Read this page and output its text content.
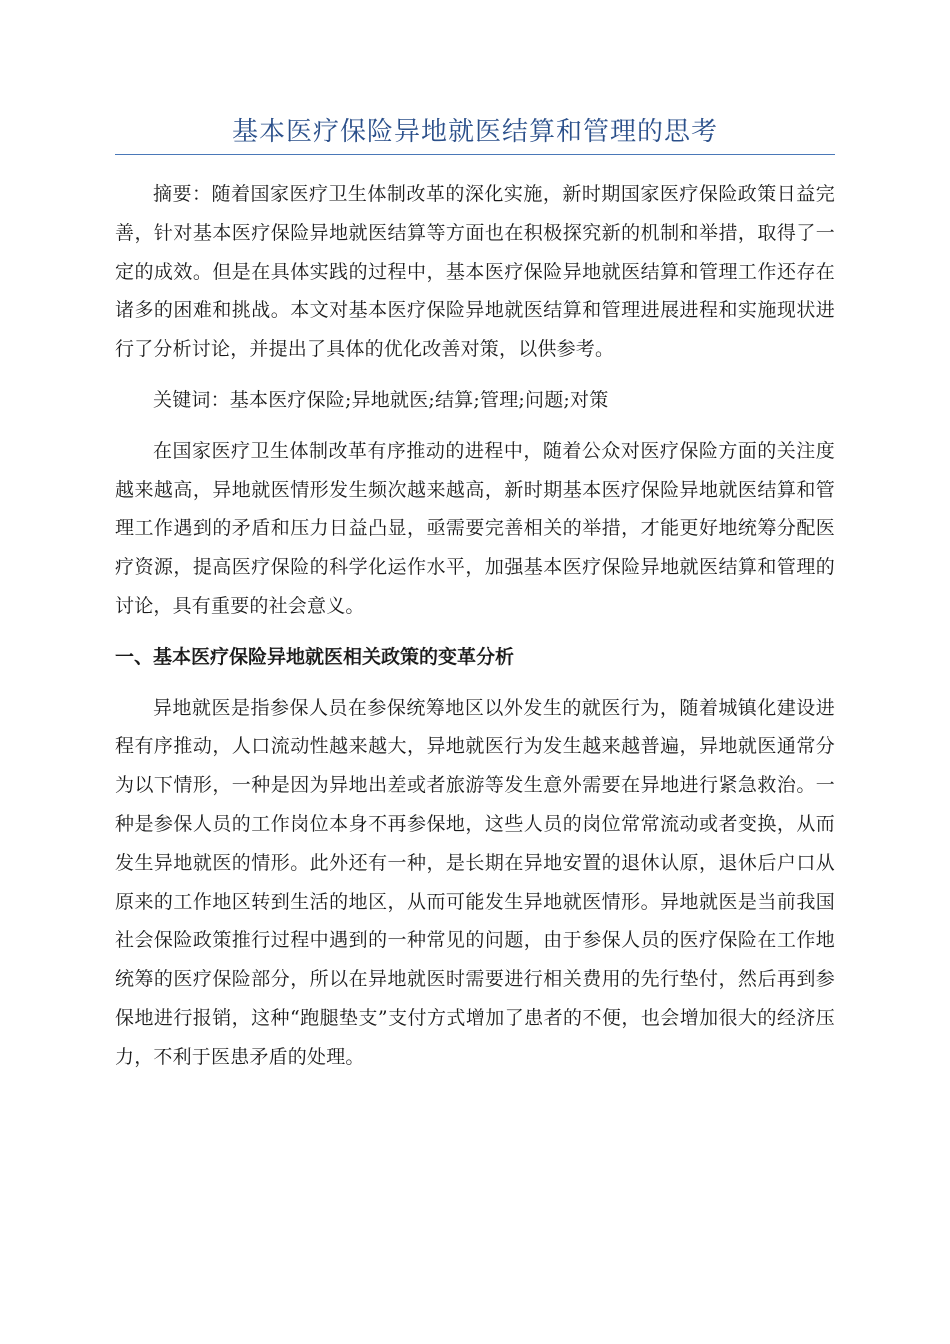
基本医疗保险异地就医结算和管理的思考

摘要：随着国家医疗卫生体制改革的深化实施，新时期国家医疗保险政策日益完善，针对基本医疗保险异地就医结算等方面也在积极探究新的机制和举措，取得了一定的成效。但是在具体实践的过程中，基本医疗保险异地就医结算和管理工作还存在诸多的困难和挑战。本文对基本医疗保险异地就医结算和管理进展进程和实施现状进行了分析讨论，并提出了具体的优化改善对策，以供参考。

关键词：基本医疗保险;异地就医;结算;管理;问题;对策

在国家医疗卫生体制改革有序推动的进程中，随着公众对医疗保险方面的关注度越来越高，异地就医情形发生频次越来越高，新时期基本医疗保险异地就医结算和管理工作遇到的矛盾和压力日益凸显，亟需要完善相关的举措，才能更好地统筹分配医疗资源，提高医疗保险的科学化运作水平，加强基本医疗保险异地就医结算和管理的讨论，具有重要的社会意义。

一、基本医疗保险异地就医相关政策的变革分析

异地就医是指参保人员在参保统筹地区以外发生的就医行为，随着城镇化建设进程有序推动，人口流动性越来越大，异地就医行为发生越来越普遍，异地就医通常分为以下情形，一种是因为异地出差或者旅游等发生意外需要在异地进行紧急救治。一种是参保人员的工作岗位本身不再参保地，这些人员的岗位常常流动或者变换，从而发生异地就医的情形。此外还有一种，是长期在异地安置的退休认原，退休后户口从原来的工作地区转到生活的地区，从而可能发生异地就医情形。异地就医是当前我国社会保险政策推行过程中遇到的一种常见的问题，由于参保人员的医疗保险在工作地统筹的医疗保险部分，所以在异地就医时需要进行相关费用的先行垫付，然后再到参保地进行报销，这种“跑腿垫支”支付方式增加了患者的不便，也会增加很大的经济压力，不利于医患矛盾的处理。
